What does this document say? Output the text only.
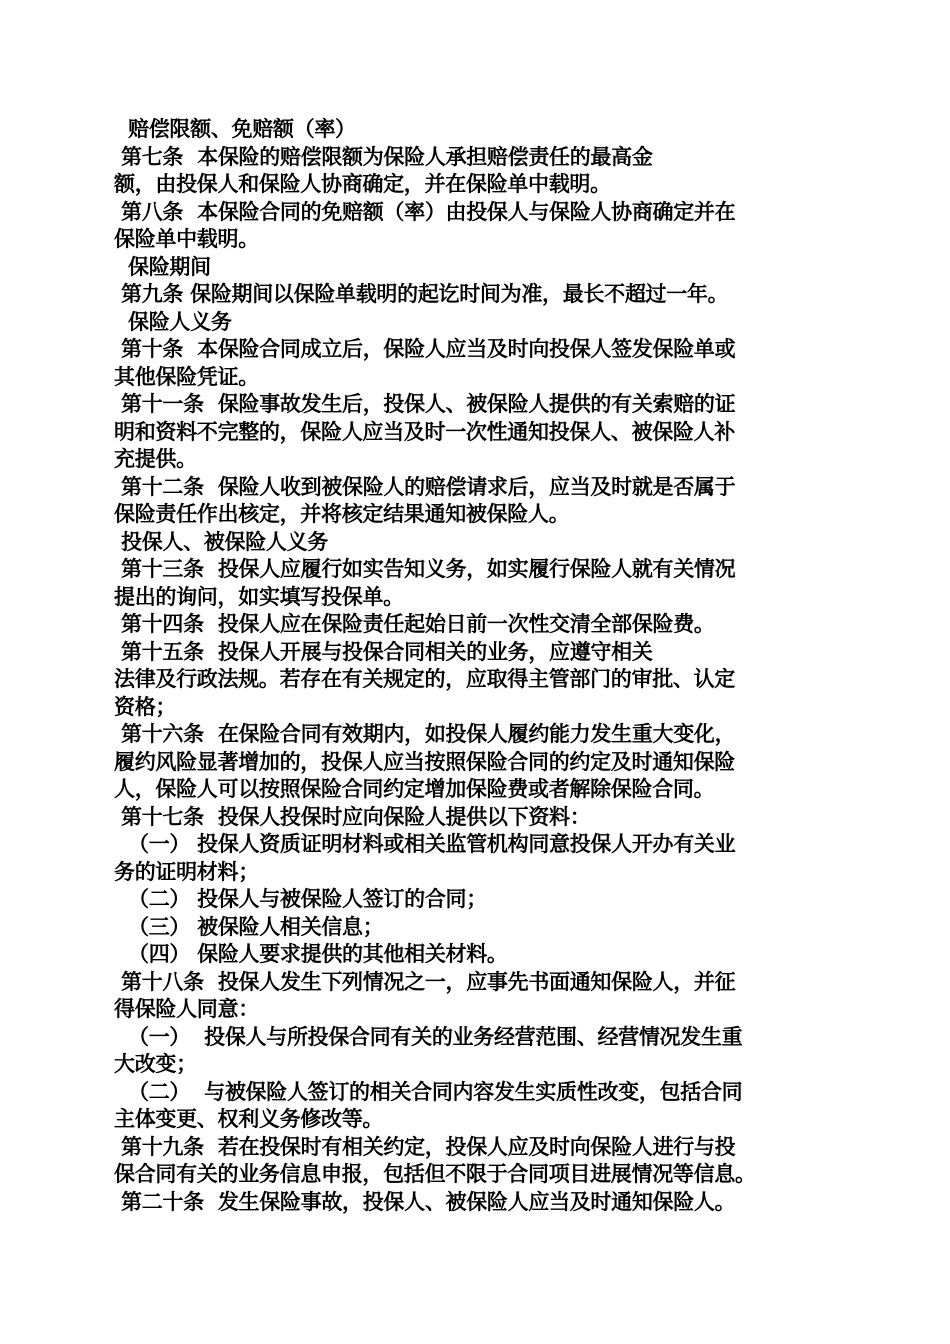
赔偿限额、免赔额（率）
第七条  本保险的赔偿限额为保险人承担赔偿责任的最高金
额，由投保人和保险人协商确定，并在保险单中载明。
第八条  本保险合同的免赔额（率）由投保人与保险人协商确定并在
保险单中载明。
保险期间
第九条 保险期间以保险单载明的起讫时间为准，最长不超过一年。
保险人义务
第十条  本保险合同成立后，保险人应当及时向投保人签发保险单或
其他保险凭证。
第十一条  保险事故发生后，投保人、被保险人提供的有关索赔的证
明和资料不完整的，保险人应当及时一次性通知投保人、被保险人补
充提供。
第十二条  保险人收到被保险人的赔偿请求后，应当及时就是否属于
保险责任作出核定，并将核定结果通知被保险人。
投保人、被保险人义务
第十三条  投保人应履行如实告知义务，如实履行保险人就有关情况
提出的询问，如实填写投保单。
第十四条  投保人应在保险责任起始日前一次性交清全部保险费。
第十五条  投保人开展与投保合同相关的业务，应遵守相关
法律及行政法规。若存在有关规定的，应取得主管部门的审批、认定
资格；
第十六条  在保险合同有效期内，如投保人履约能力发生重大变化，
履约风险显著增加的，投保人应当按照保险合同的约定及时通知保险
人，保险人可以按照保险合同约定增加保险费或者解除保险合同。
第十七条  投保人投保时应向保险人提供以下资料：
（一） 投保人资质证明材料或相关监管机构同意投保人开办有关业
务的证明材料；
（二） 投保人与被保险人签订的合同；
（三） 被保险人相关信息；
（四） 保险人要求提供的其他相关材料。
第十八条  投保人发生下列情况之一，应事先书面通知保险人，并征
得保险人同意：
（一）  投保人与所投保合同有关的业务经营范围、经营情况发生重
大改变；
（二）  与被保险人签订的相关合同内容发生实质性改变，包括合同
主体变更、权利义务修改等。
第十九条  若在投保时有相关约定，投保人应及时向保险人进行与投
保合同有关的业务信息申报，包括但不限于合同项目进展情况等信息。
第二十条  发生保险事故，投保人、被保险人应当及时通知保险人。
